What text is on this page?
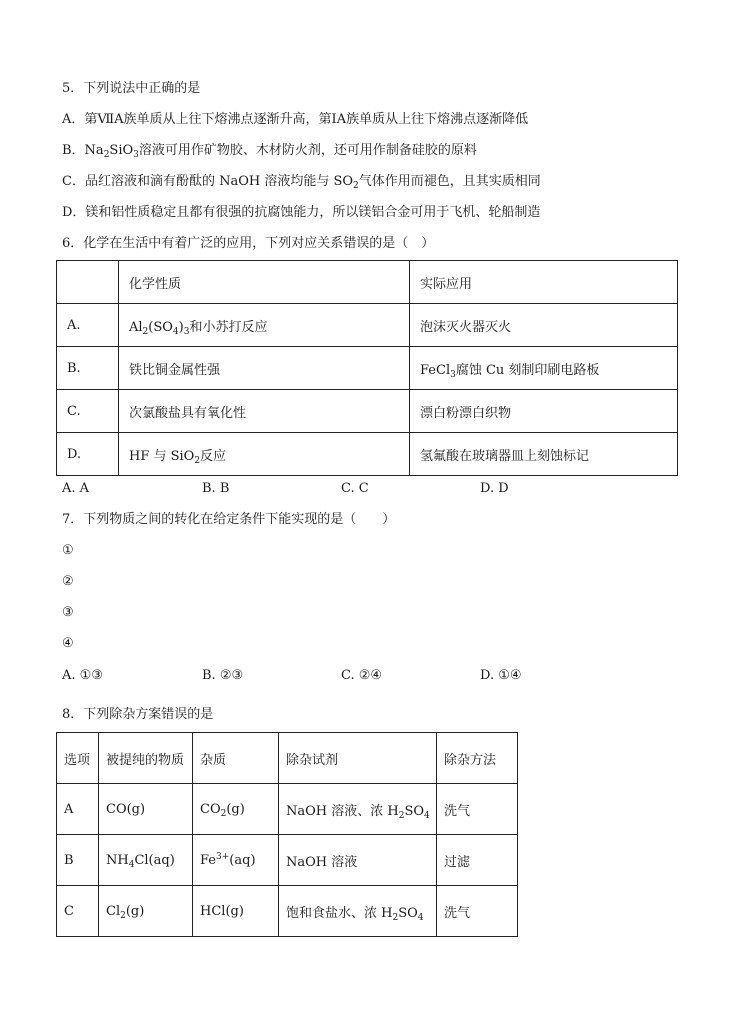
5．下列说法中正确的是
A．第ⅦA族单质从上往下熔沸点逐渐升高，第ⅠA族单质从上往下熔沸点逐渐降低
B．$Na_2SiO_3$溶液可用作矿物胶、木材防火剂，还可用作制备硅胶的原料
C．品红溶液和滴有酚酞的 NaOH 溶液均能与 $SO_2$气体作用而褪色，且其实质相同
D．镁和铝性质稳定且都有很强的抗腐蚀能力，所以镁铝合金可用于飞机、轮船制造
6．化学在生活中有着广泛的应用，下列对应关系错误的是（　）
	化学性质	实际应用
A.	$Al_2(SO_4)_3$和小苏打反应	泡沫灭火器灭火
B.	铁比铜金属性强	FeCl$_3$腐蚀 Cu 刻制印刷电路板
C.	次氯酸盐具有氧化性	漂白粉漂白织物
D.	HF 与 SiO$_2$反应	氢氟酸在玻璃器皿上刻蚀标记
A. A	B. B	C. C	D. D
7．下列物质之间的转化在给定条件下能实现的是（　　）
①
②
③
④
A. ①③	B. ②③	C. ②④	D. ①④
8．下列除杂方案错误的是
选项	被提纯的物质	杂质	除杂试剂	除杂方法
A	CO(g)	$CO_2(g)$	NaOH 溶液、浓 $H_2SO_4$	洗气
B	$NH_4Cl(aq)$	$Fe^{3+}(aq)$	NaOH 溶液	过滤
C	$Cl_2(g)$	HCl(g)	饱和食盐水、浓 $H_2SO_4$	洗气
